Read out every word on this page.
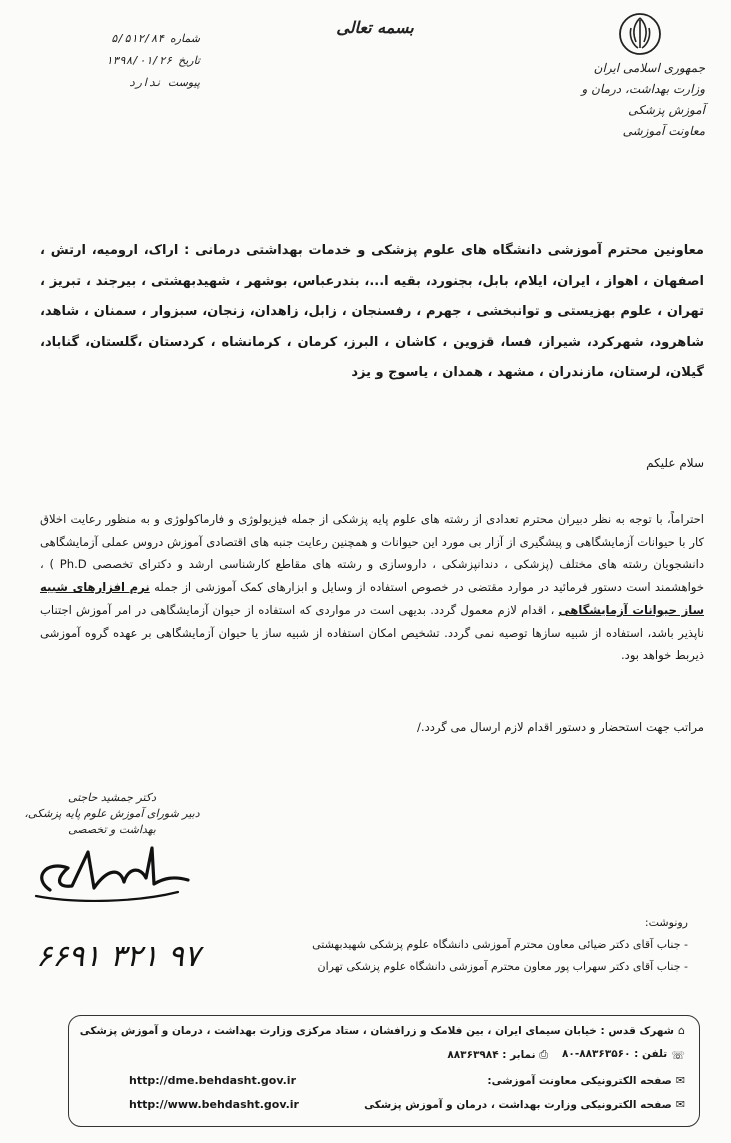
جمهوری اسلامی ایران
وزارت بهداشت، درمان و آموزش پزشکی
معاونت آموزشی
بسمه تعالی
شماره
۵/۵۱۲/۸۴
تاریخ
۱۳۹۸/۰۱/۲۶
پیوست
ندارد
معاونین محترم آموزشی دانشگاه های علوم پزشکی و خدمات بهداشتی درمانی : اراک، ارومیه، ارتش ، اصفهان ، اهواز ، ایران، ایلام، بابل، بجنورد، بقیه ا...، بندرعباس، بوشهر ، شهیدبهشتی ، بیرجند ، تبریز ، تهران ، علوم بهزیستی و توانبخشی ، جهرم ، رفسنجان ، زابل، زاهدان، زنجان، سبزوار ، سمنان ، شاهد، شاهرود، شهرکرد، شیراز، فسا، قزوین ، کاشان ، البرز، کرمان ، کرمانشاه ، کردستان ،گلستان، گناباد، گیلان، لرستان، مازندران ، مشهد ، همدان ، یاسوج و یزد
سلام علیکم
احتراماً، با توجه به نظر دبیران محترم تعدادی از رشته های علوم پایه پزشکی از جمله فیزیولوژی و فارماکولوژی و به منظور رعایت اخلاق کار با حیوانات آزمایشگاهی و پیشگیری از آزار بی مورد این حیوانات و همچنین رعایت جنبه های اقتصادی آموزش دروس عملی آزمایشگاهی دانشجویان رشته های مختلف (پزشکی ، دندانپزشکی ، داروسازی و رشته های مقاطع کارشناسی ارشد و دکترای تخصصی Ph.D ) ، خواهشمند است دستور فرمائید در موارد مقتضی در خصوص استفاده از وسایل و ابزارهای کمک آموزشی از جمله نرم افزارهای شبیه ساز حیوانات آزمایشگاهی ، اقدام لازم معمول گردد. بدیهی است در مواردی که استفاده از حیوان آزمایشگاهی در امر آموزش اجتناب ناپذیر باشد، استفاده از شبیه سازها توصیه نمی گردد. تشخیص امکان استفاده از شبیه ساز یا حیوان آزمایشگاهی بر عهده گروه آموزشی ذیربط خواهد بود.
مراتب جهت استحضار و دستور اقدام لازم ارسال می گردد./
دکتر جمشید حاجتی
دبیر شورای آموزش علوم پایه پزشکی، بهداشت و تخصصی
رونوشت:
- جناب آقای دکتر ضیائی معاون محترم آموزشی دانشگاه علوم پزشکی شهیدبهشتی
- جناب آقای دکتر سهراب پور معاون محترم آموزشی دانشگاه علوم پزشکی تهران
۶۶۹۱ ۳۲۱ ۹۷
⌂
شهرک قدس : خیابان سیمای ایران ، بین فلامک و زرافشان ، ستاد مرکزی وزارت بهداشت ، درمان و آموزش پزشکی
☏
تلفن : ۸۸۳۶۳۵۶۰-۸۰
⎙ نمابر : ۸۸۳۶۳۹۸۴
✉
صفحه الکترونیکی معاونت آموزشی:
http://dme.behdasht.gov.ir
✉
صفحه الکترونیکی وزارت بهداشت ، درمان و آموزش پزشکی
http://www.behdasht.gov.ir
